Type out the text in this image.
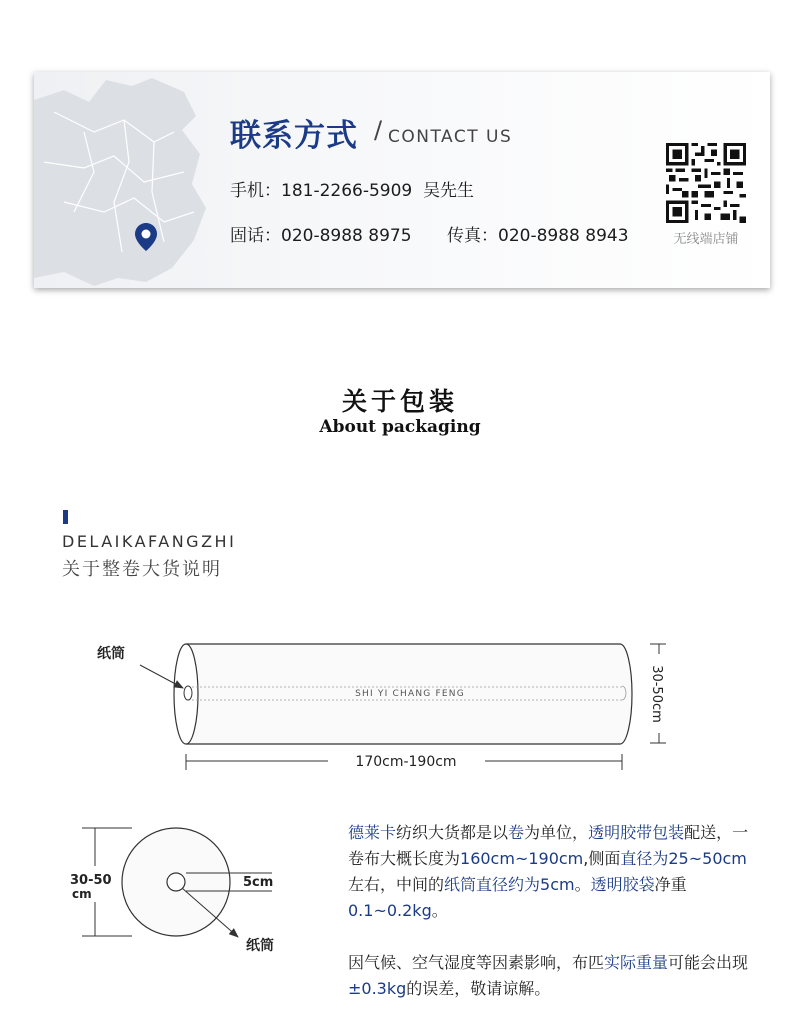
联系方式 / CONTACT US
手机：181-2266-5909 吴先生
固话：020-8988 8975 传真：020-8988 8943	无线端店铺
关于包装
About packaging
DELAIKAFANGZHI
关于整卷大货说明
SHI YI CHANG FENG
纸筒
170cm-190cm
30-50cm
30-50
cm
5cm
纸筒

德莱卡纺织大货都是以卷为单位，透明胶带包装配送，一卷布大概长度为160cm~190cm,侧面直径为25~50cm左右，中间的纸筒直径约为5cm。透明胶袋净重0.1~0.2kg。

因气候、空气湿度等因素影响，布匹实际重量可能会出现±0.3kg的误差，敬请谅解。
